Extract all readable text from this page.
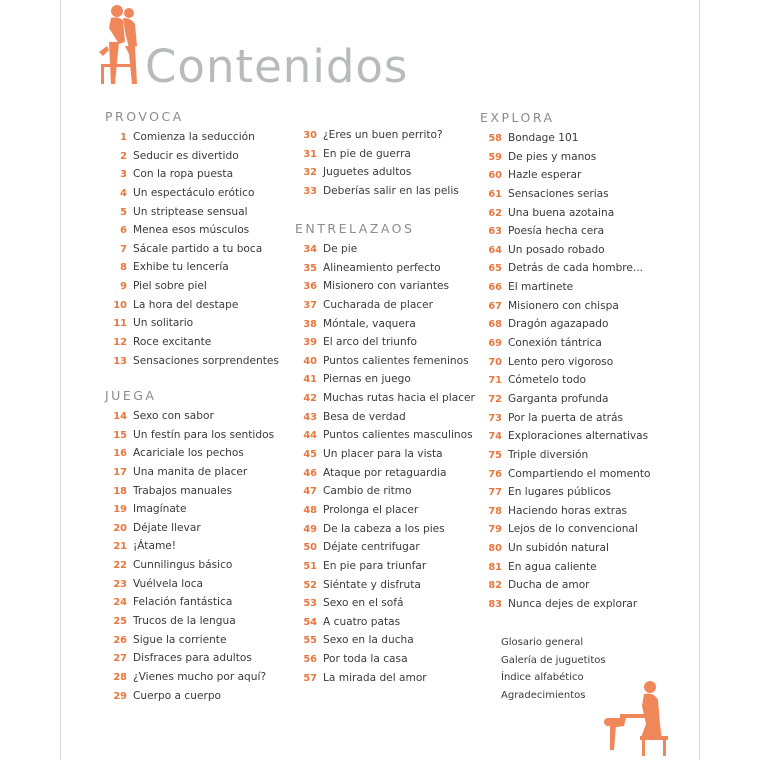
Contenidos
PROVOCA
1 Comienza la seducción
2 Seducir es divertido
3 Con la ropa puesta
4 Un espectáculo erótico
5 Un striptease sensual
6 Menea esos músculos
7 Sácale partido a tu boca
8 Exhibe tu lencería
9 Piel sobre piel
10 La hora del destape
11 Un solitario
12 Roce excitante
13 Sensaciones sorprendentes
JUEGA
14 Sexo con sabor
15 Un festín para los sentidos
16 Acariciale los pechos
17 Una manita de placer
18 Trabajos manuales
19 Imagínate
20 Déjate llevar
21 ¡Átame!
22 Cunnilingus básico
23 Vuélvela loca
24 Felación fantástica
25 Trucos de la lengua
26 Sigue la corriente
27 Disfraces para adultos
28 ¿Vienes mucho por aquí?
29 Cuerpo a cuerpo
30 ¿Eres un buen perrito?
31 En pie de guerra
32 Juguetes adultos
33 Deberías salir en las pelis
ENTRELAZAOS
34 De pie
35 Alineamiento perfecto
36 Misionero con variantes
37 Cucharada de placer
38 Móntale, vaquera
39 El arco del triunfo
40 Puntos calientes femeninos
41 Piernas en juego
42 Muchas rutas hacia el placer
43 Besa de verdad
44 Puntos calientes masculinos
45 Un placer para la vista
46 Ataque por retaguardia
47 Cambio de ritmo
48 Prolonga el placer
49 De la cabeza a los pies
50 Déjate centrifugar
51 En pie para triunfar
52 Siéntate y disfruta
53 Sexo en el sofá
54 A cuatro patas
55 Sexo en la ducha
56 Por toda la casa
57 La mirada del amor
EXPLORA
58 Bondage 101
59 De pies y manos
60 Hazle esperar
61 Sensaciones serias
62 Una buena azotaina
63 Poesía hecha cera
64 Un posado robado
65 Detrás de cada hombre...
66 El martinete
67 Misionero con chispa
68 Dragón agazapado
69 Conexión tántrica
70 Lento pero vigoroso
71 Cómetelo todo
72 Garganta profunda
73 Por la puerta de atrás
74 Exploraciones alternativas
75 Triple diversión
76 Compartiendo el momento
77 En lugares públicos
78 Haciendo horas extras
79 Lejos de lo convencional
80 Un subidón natural
81 En agua caliente
82 Ducha de amor
83 Nunca dejes de explorar
Glosario general
Galería de juguetitos
Índice alfabético
Agradecimientos
